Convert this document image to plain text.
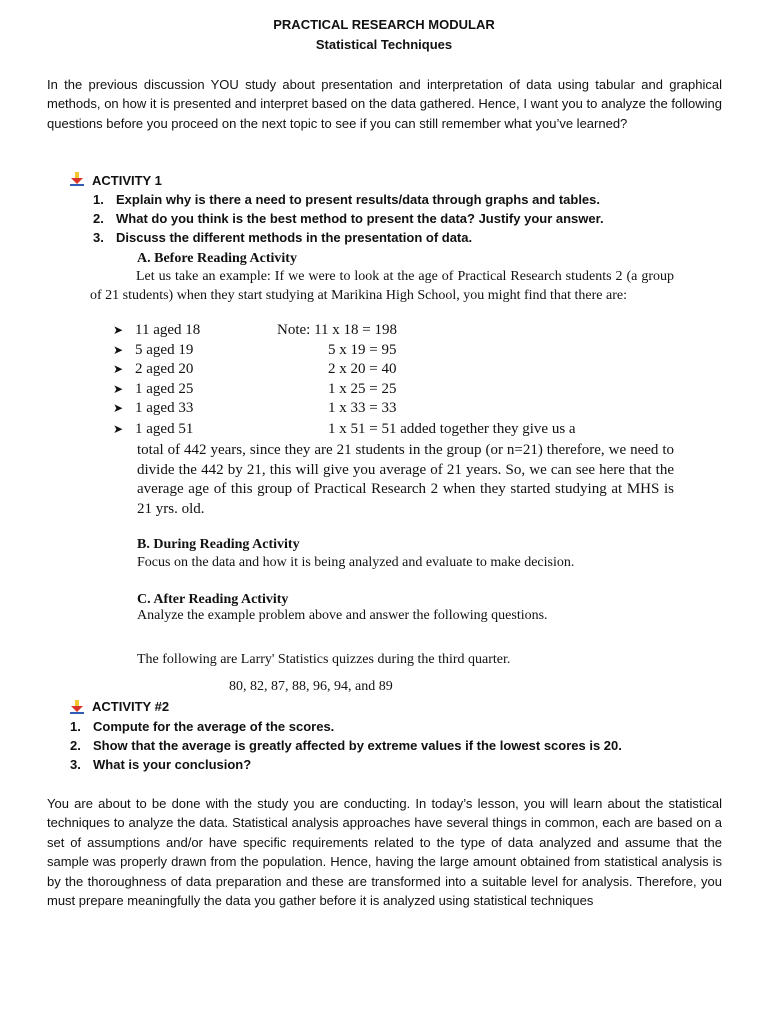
PRACTICAL RESEARCH MODULAR
Statistical Techniques
In the previous discussion YOU study about presentation and interpretation of data using tabular and graphical methods, on how it is presented and interpret based on the data gathered. Hence, I want you to analyze the following questions before you proceed on the next topic to see if you can still remember what you’ve learned?
ACTIVITY 1
1. Explain why is there a need to present results/data through graphs and tables.
2. What do you think is the best method to present the data? Justify your answer.
3. Discuss the different methods in the presentation of data.
A. Before Reading Activity
Let us take an example: If we were to look at the age of Practical Research students 2 (a group of 21 students) when they start studying at Marikina High School, you might find that there are:
➤ 11 aged 18	Note: 11 x 18 = 198
➤ 5 aged 19	5 x 19 = 95
➤ 2 aged 20	2 x 20 = 40
➤ 1 aged 25	1 x 25 = 25
➤ 1 aged 33	1 x 33 = 33
➤ 1 aged 51	1 x 51 = 51 added together they give us a
total of 442 years, since they are 21 students in the group (or n=21) therefore, we need to divide the 442 by 21, this will give you average of 21 years. So, we can see here that the average age of this group of Practical Research 2 when they started studying at MHS is 21 yrs. old.
B. During Reading Activity
Focus on the data and how it is being analyzed and evaluate to make decision.
C. After Reading Activity
Analyze the example problem above and answer the following questions.
The following are Larry' Statistics quizzes during the third quarter.
80, 82, 87, 88, 96, 94, and 89
ACTIVITY #2
1. Compute for the average of the scores.
2. Show that the average is greatly affected by extreme values if the lowest scores is 20.
3. What is your conclusion?
You are about to be done with the study you are conducting. In today’s lesson, you will learn about the statistical techniques to analyze the data. Statistical analysis approaches have several things in common, each are based on a set of assumptions and/or have specific requirements related to the type of data analyzed and assume that the sample was properly drawn from the population. Hence, having the large amount obtained from statistical analysis is by the thoroughness of data preparation and these are transformed into a suitable level for analysis. Therefore, you must prepare meaningfully the data you gather before it is analyzed using statistical techniques
